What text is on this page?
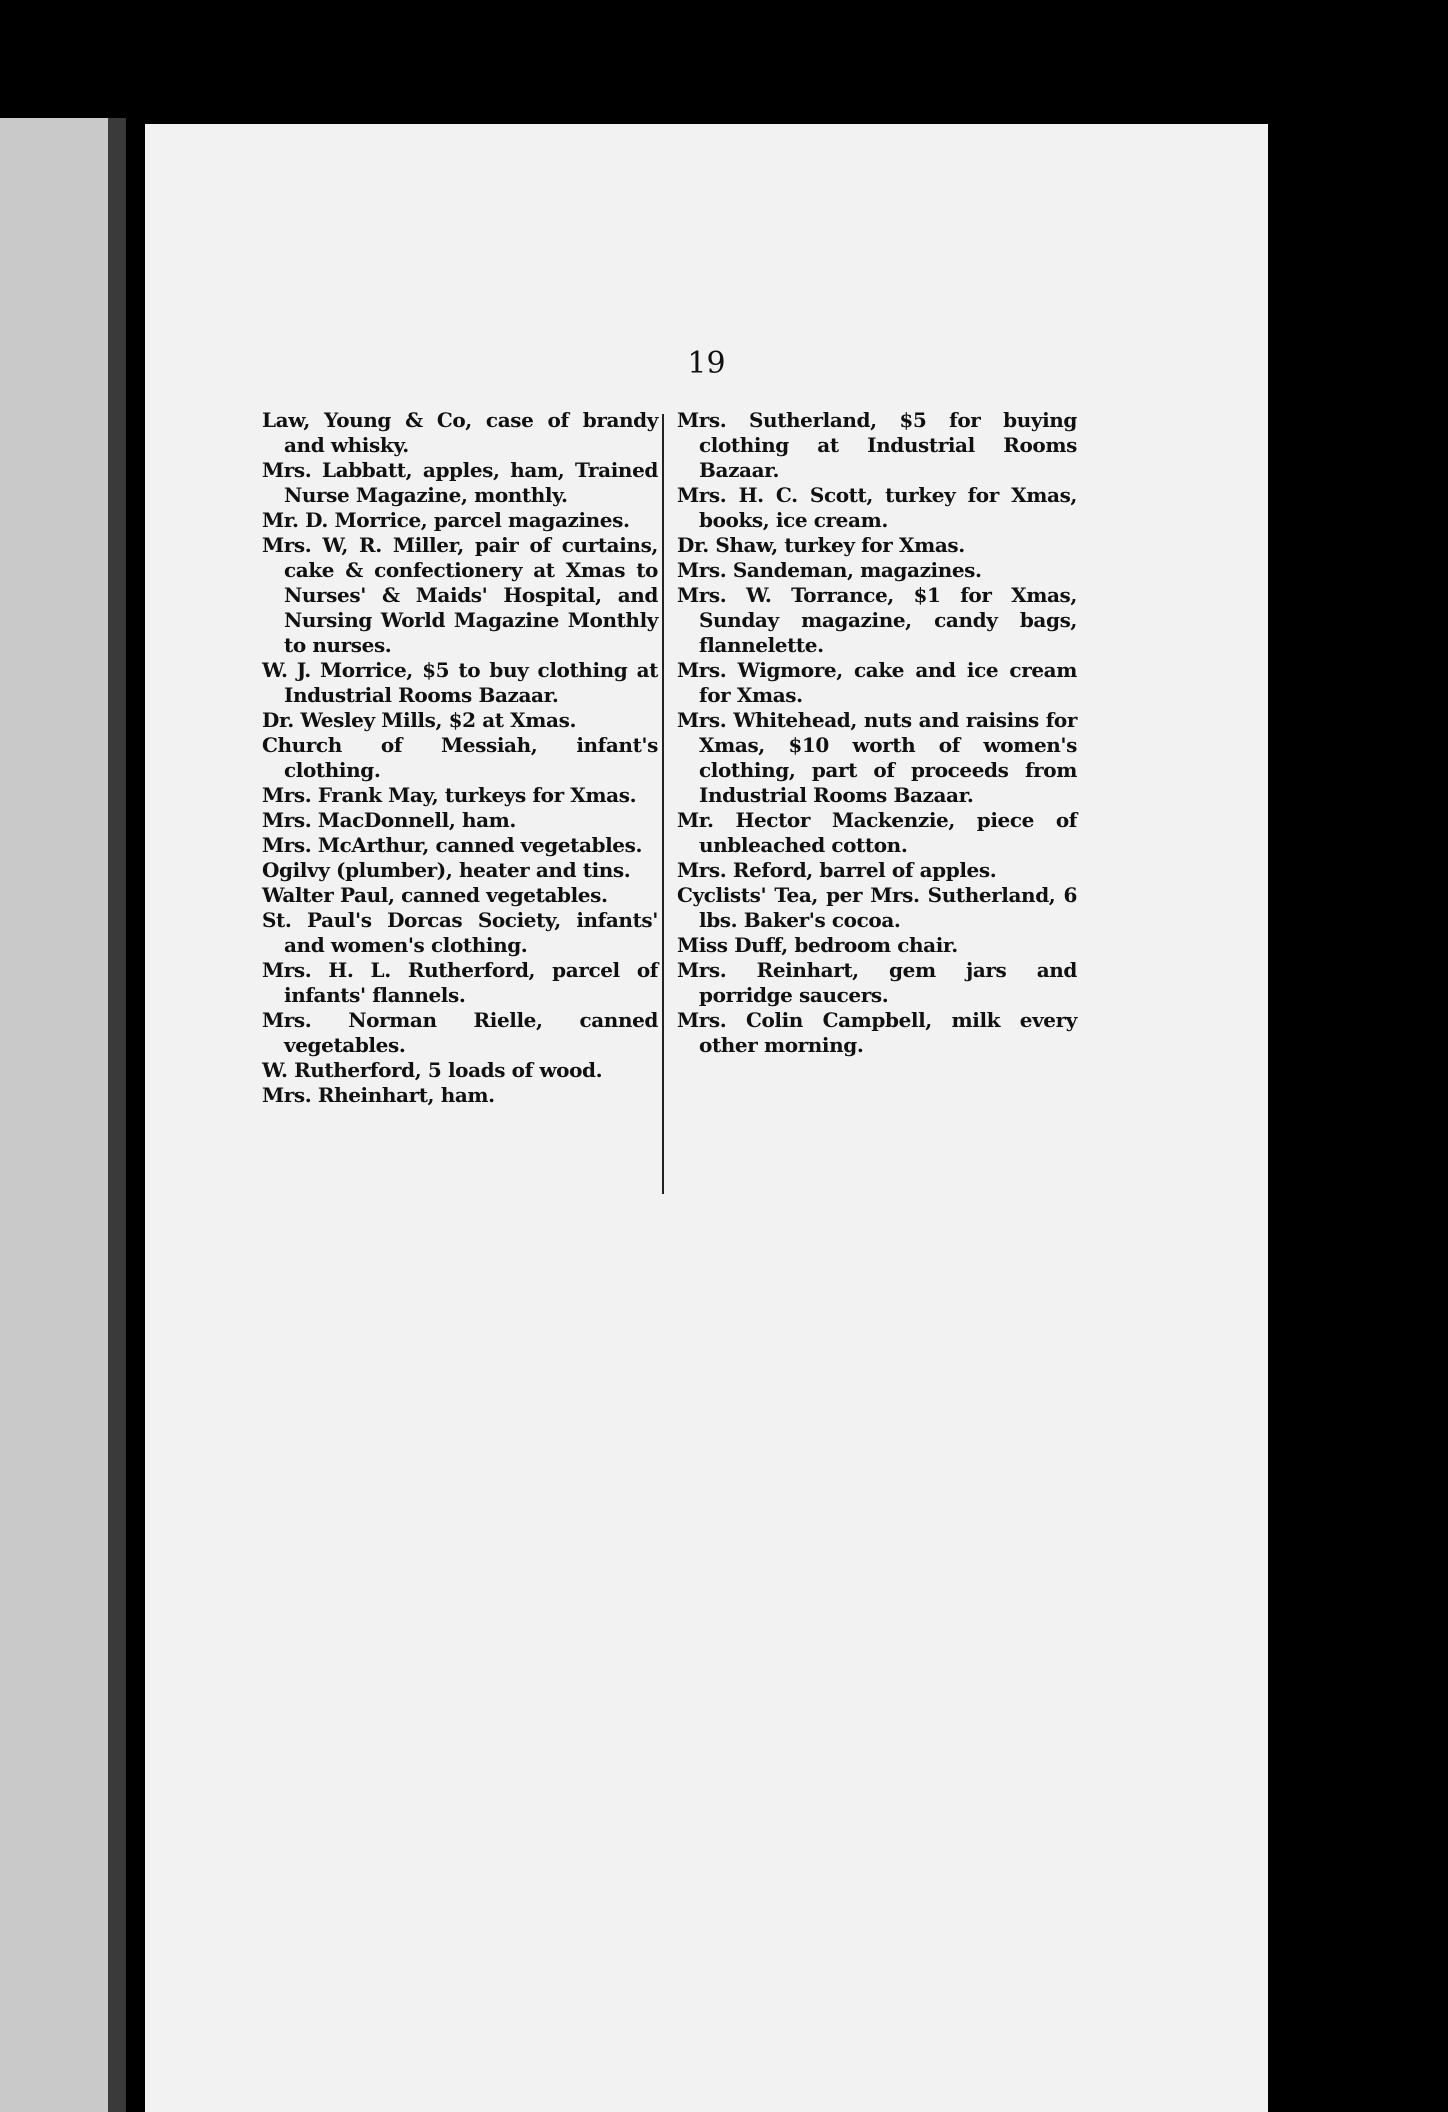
19

Law, Young & Co, case of brandy and whisky.

Mrs. Labbatt, apples, ham, Trained Nurse Magazine, monthly.

Mr. D. Morrice, parcel magazines.

Mrs. W, R. Miller, pair of curtains, cake & confectionery at Xmas to Nurses' & Maids' Hospital, and Nursing World Magazine Monthly to nurses.

W. J. Morrice, $5 to buy clothing at Industrial Rooms Bazaar.

Dr. Wesley Mills, $2 at Xmas.

Church of Messiah, infant's clothing.

Mrs. Frank May, turkeys for Xmas.

Mrs. MacDonnell, ham.

Mrs. McArthur, canned vegetables.

Ogilvy (plumber), heater and tins.

Walter Paul, canned vegetables.

St. Paul's Dorcas Society, infants' and women's clothing.

Mrs. H. L. Rutherford, parcel of infants' flannels.

Mrs. Norman Rielle, canned vegetables.

W. Rutherford, 5 loads of wood.

Mrs. Rheinhart, ham.

Mrs. Sutherland, $5 for buying clothing at Industrial Rooms Bazaar.

Mrs. H. C. Scott, turkey for Xmas, books, ice cream.

Dr. Shaw, turkey for Xmas.

Mrs. Sandeman, magazines.

Mrs. W. Torrance, $1 for Xmas, Sunday magazine, candy bags, flannelette.

Mrs. Wigmore, cake and ice cream for Xmas.

Mrs. Whitehead, nuts and raisins for Xmas, $10 worth of women's clothing, part of proceeds from Industrial Rooms Bazaar.

Mr. Hector Mackenzie, piece of unbleached cotton.

Mrs. Reford, barrel of apples.

Cyclists' Tea, per Mrs. Sutherland, 6 lbs. Baker's cocoa.

Miss Duff, bedroom chair.

Mrs. Reinhart, gem jars and porridge saucers.

Mrs. Colin Campbell, milk every other morning.
